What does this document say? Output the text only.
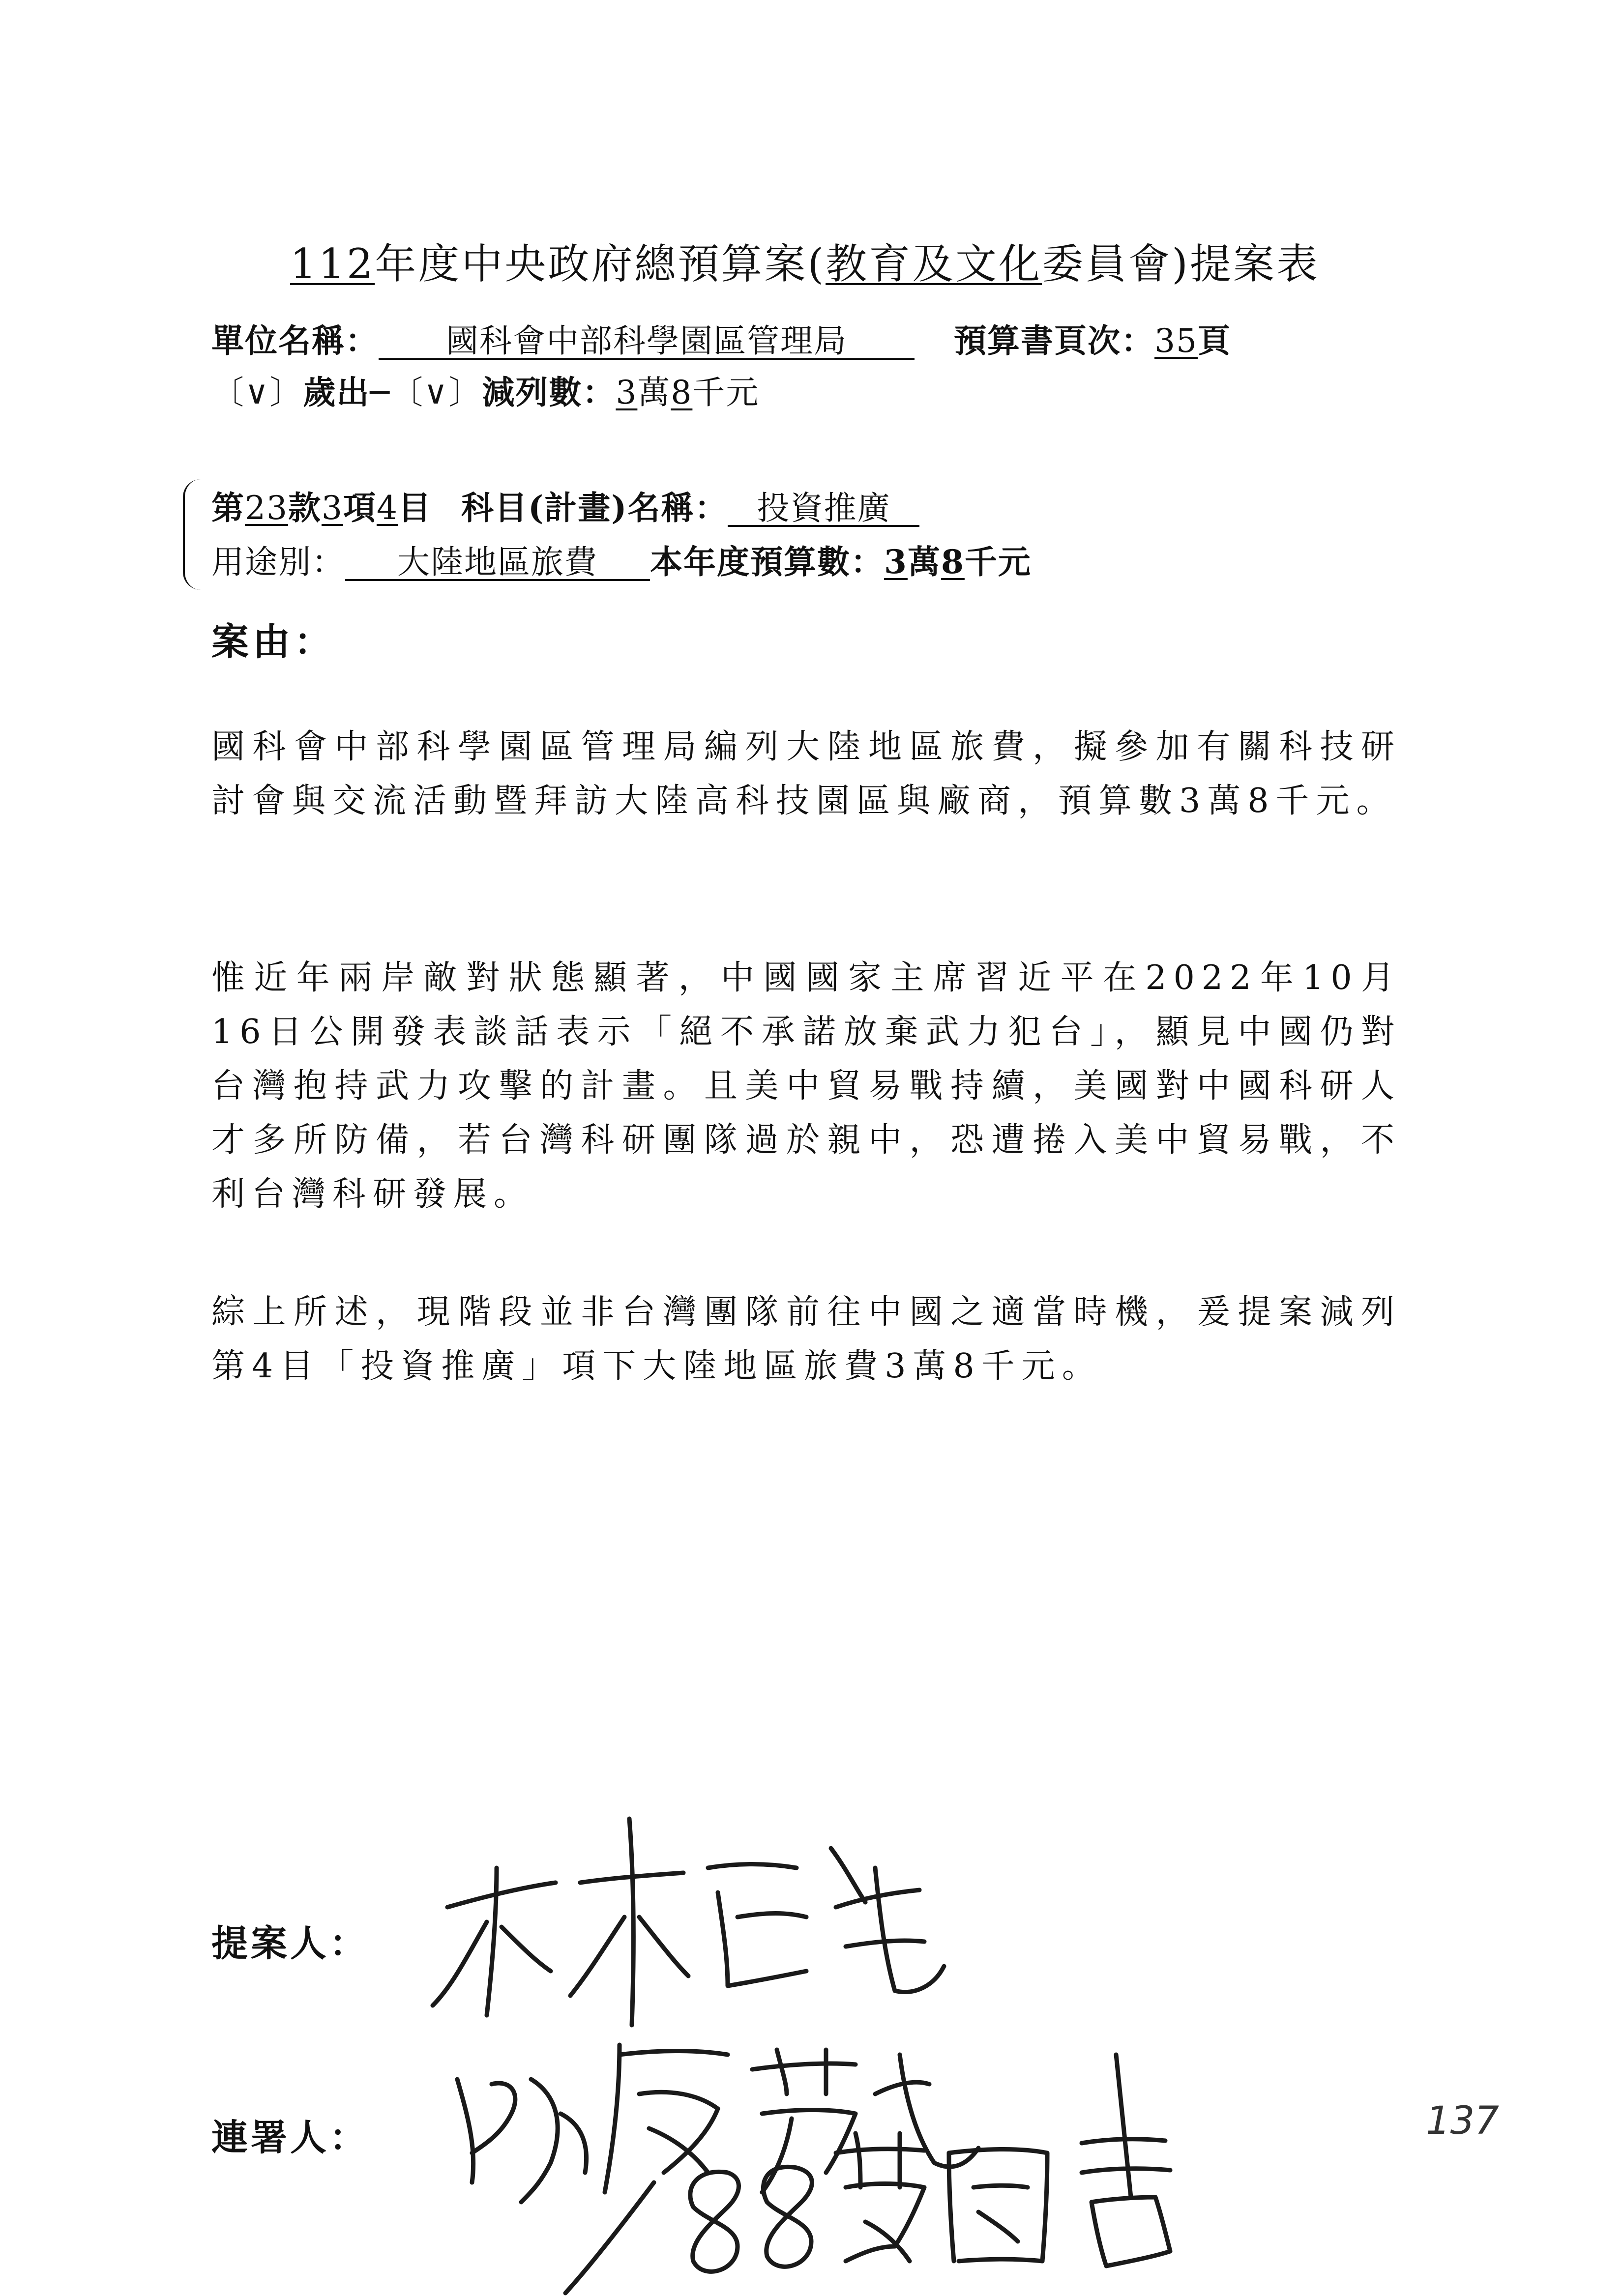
112年度中央政府總預算案(教育及文化委員會)提案表
單位名稱： 國科會中部科學園區管理局	預算書頁次：35頁
〔∨〕歲出─〔∨〕減列數：3萬8千元
第23款3項4目 科目(計畫)名稱： 投資推廣
用途別： 大陸地區旅費 本年度預算數：3萬8千元
案由：
國科會中部科學園區管理局編列大陸地區旅費，擬參加有關科技研討會與交流活動暨拜訪大陸高科技園區與廠商，預算數3萬8千元。
惟近年兩岸敵對狀態顯著，中國國家主席習近平在2022年10月16日公開發表談話表示「絕不承諾放棄武力犯台」，顯見中國仍對台灣抱持武力攻擊的計畫。且美中貿易戰持續，美國對中國科研人才多所防備，若台灣科研團隊過於親中，恐遭捲入美中貿易戰，不利台灣科研發展。
綜上所述，現階段並非台灣團隊前往中國之適當時機，爰提案減列第4目「投資推廣」項下大陸地區旅費3萬8千元。
提案人：
連署人：	137
